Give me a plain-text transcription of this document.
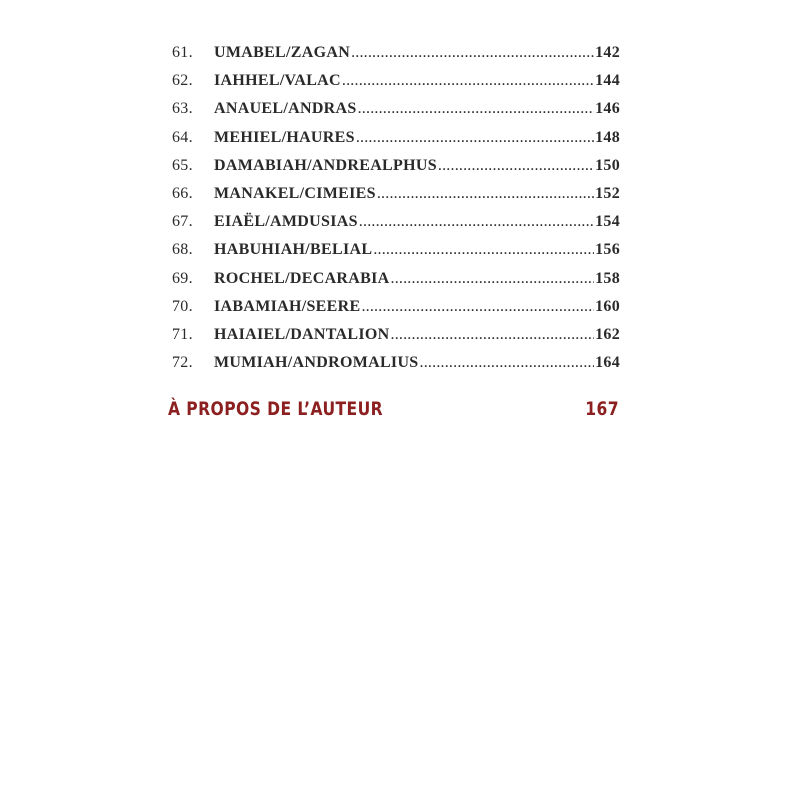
61.	UMABEL/ZAGAN .....	142
62.	IAHHEL/VALAC .....	144
63.	ANAUEL/ANDRAS .....	146
64.	MEHIEL/HAURES .....	148
65.	DAMABIAH/ANDREALPHUS .....	150
66.	MANAKEL/CIMEIES .....	152
67.	EIAËL/AMDUSIAS .....	154
68.	HABUHIAH/BELIAL .....	156
69.	ROCHEL/DECARABIA .....	158
70.	IABAMIAH/SEERE .....	160
71.	HAIAIEL/DANTALION .....	162
72.	MUMIAH/ANDROMALIUS .....	164
À PROPOS DE L’AUTEUR	167
